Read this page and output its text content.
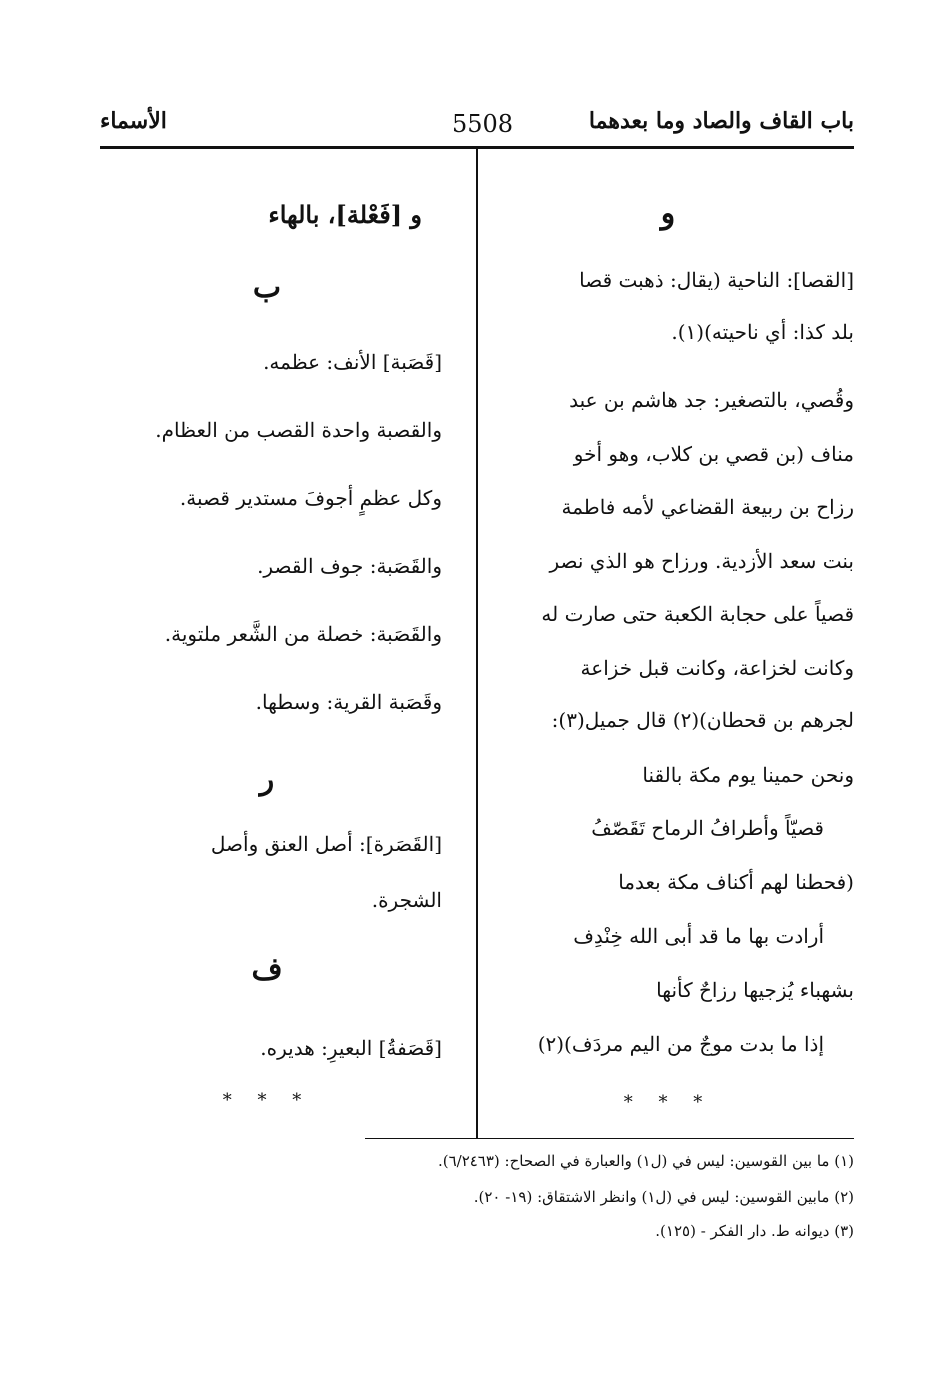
باب القاف والصاد وما بعدهما
5508
الأسماء
و
[القصا]: الناحية (يقال: ذهبت قصا
بلد كذا: أي ناحيته)(١).
وقُصي، بالتصغير: جد هاشم بن عبد
مناف (بن قصي بن كلاب، وهو أخو
رزاح بن ربيعة القضاعي لأمه فاطمة
بنت سعد الأزدية. ورزاح هو الذي نصر
قصياً على حجابة الكعبة حتى صارت له
وكانت لخزاعة، وكانت قبل خزاعة
لجرهم بن قحطان)(٢) قال جميل(٣):
ونحن حمينا يوم مكة بالقنا
قصيّاً وأطرافُ الرماح تَقَصّفُ
(فحطنا لهم أكناف مكة بعدما
أرادت بها ما قد أبى الله خِنْدِف
بشهباء يُزجيها رزاحٌ كأنها
إذا ما بدت موجٌ من اليم مردَف)(٢)
* * *
و [فَعْلة]، بالهاء
ب
[قَصَبة] الأنف: عظمه.
والقصبة واحدة القصب من العظام.
وكل عظمٍ أجوفَ مستدير قصبة.
والقَصَبة: جوف القصر.
والقَصَبة: خصلة من الشَّعر ملتوية.
وقَصَبة القرية: وسطها.
ر
[القَصَرة]: أصل العنق وأصل
الشجرة.
ف
[قَصَفةُ] البعيرِ: هديره.
* * *
(١) ما بين القوسين: ليس في (ل١) والعبارة في الصحاح: (٦/٢٤٦٣).
(٢) مابين القوسين: ليس في (ل١) وانظر الاشتقاق: (١٩- ٢٠).
(٣) ديوانه ط. دار الفكر - (١٢٥).
